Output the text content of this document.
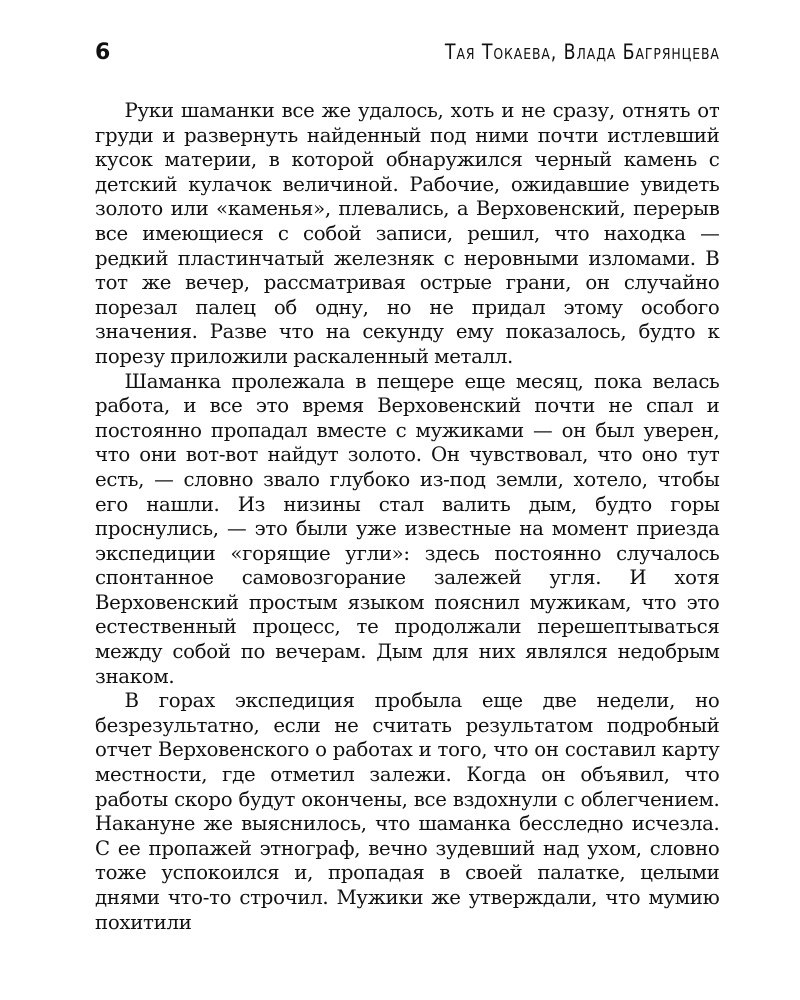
6	Тая Токаева, Влада Багрянцева

Руки шаманки все же удалось, хоть и не сразу, отнять от груди и развернуть найденный под ними почти истлевший кусок материи, в которой обнаружился черный камень с детский кулачок величиной. Рабочие, ожидавшие увидеть золото или «каменья», плевались, а Верховенский, перерыв все имеющиеся с собой записи, решил, что находка — редкий пластинчатый железняк с неровными изломами. В тот же вечер, рассматривая острые грани, он случайно порезал палец об одну, но не придал этому особого значения. Разве что на секунду ему показалось, будто к порезу приложили раскаленный металл.

Шаманка пролежала в пещере еще месяц, пока велась работа, и все это время Верховенский почти не спал и постоянно пропадал вместе с мужиками — он был уверен, что они вот-вот найдут золото. Он чувствовал, что оно тут есть, — словно звало глубоко из-под земли, хотело, чтобы его нашли. Из низины стал валить дым, будто горы проснулись, — это были уже известные на момент приезда экспедиции «горящие угли»: здесь постоянно случалось спонтанное самовозгорание залежей угля. И хотя Верховенский простым языком пояснил мужикам, что это естественный процесс, те продолжали перешептываться между собой по вечерам. Дым для них являлся недобрым знаком.

В горах экспедиция пробыла еще две недели, но безрезультатно, если не считать результатом подробный отчет Верховенского о работах и того, что он составил карту местности, где отметил залежи. Когда он объявил, что работы скоро будут окончены, все вздохнули с облегчением. Накануне же выяснилось, что шаманка бесследно исчезла. С ее пропажей этнограф, вечно зудевший над ухом, словно тоже успокоился и, пропадая в своей палатке, целыми днями что-то строчил. Мужики же утверждали, что мумию похитили
